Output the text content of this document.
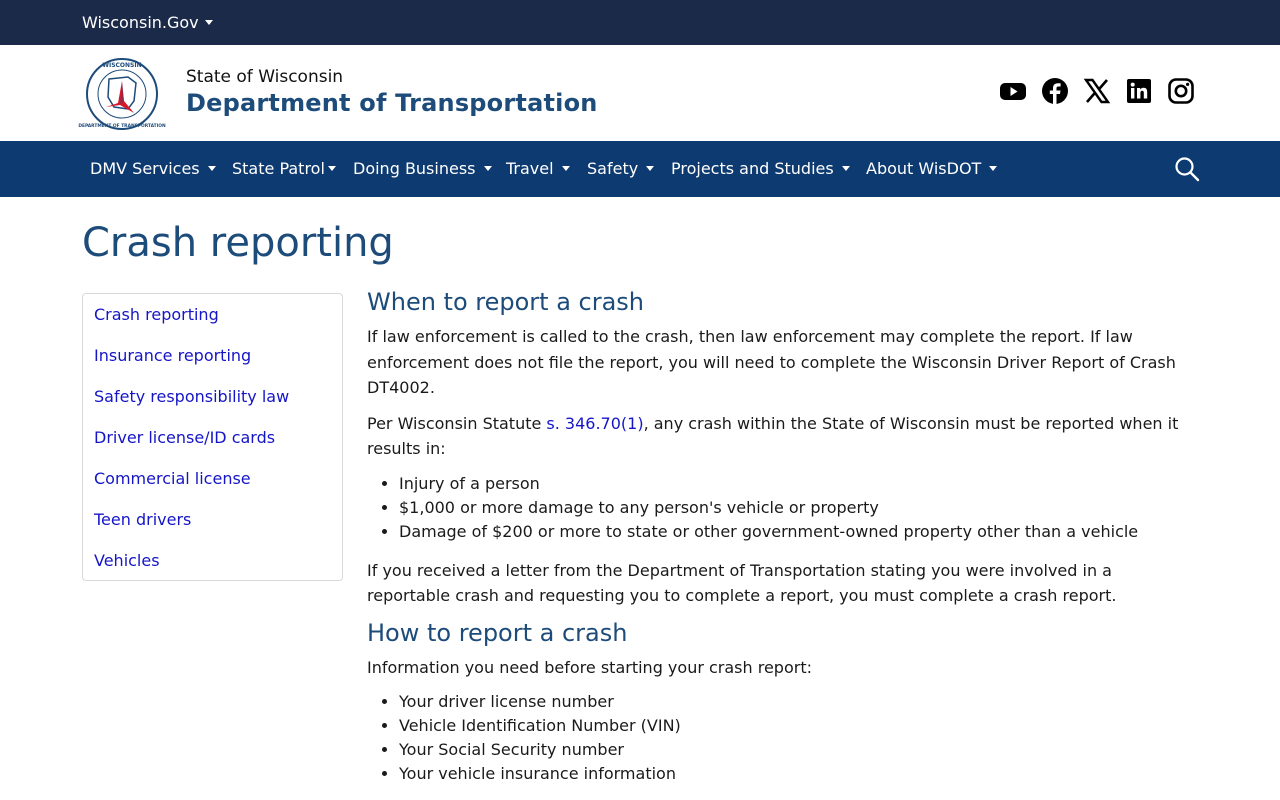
Wisconsin.Gov
WISCONSIN
DEPARTMENT OF TRANSPORTATION
State of Wisconsin
Department of Transportation
DMV Services State Patrol Doing Business Travel Safety Projects and Studies About WisDOT
Crash reporting
Crash reporting
Insurance reporting
Safety responsibility law
Driver license/ID cards
Commercial license
Teen drivers
Vehicles
When to report a crash

If law enforcement is called to the crash, then law enforcement may complete the report. If law enforcement does not file the report, you will need to complete the Wisconsin Driver Report of Crash DT4002.

Per Wisconsin Statute s. 346.70(1), any crash within the State of Wisconsin must be reported when it results in:

• Injury of a person
• $1,000 or more damage to any person's vehicle or property
• Damage of $200 or more to state or other government-owned property other than a vehicle

If you received a letter from the Department of Transportation stating you were involved in a reportable crash and requesting you to complete a report, you must complete a crash report.

How to report a crash

Information you need before starting your crash report:

• Your driver license number
• Vehicle Identification Number (VIN)
• Your Social Security number
• Your vehicle insurance information
